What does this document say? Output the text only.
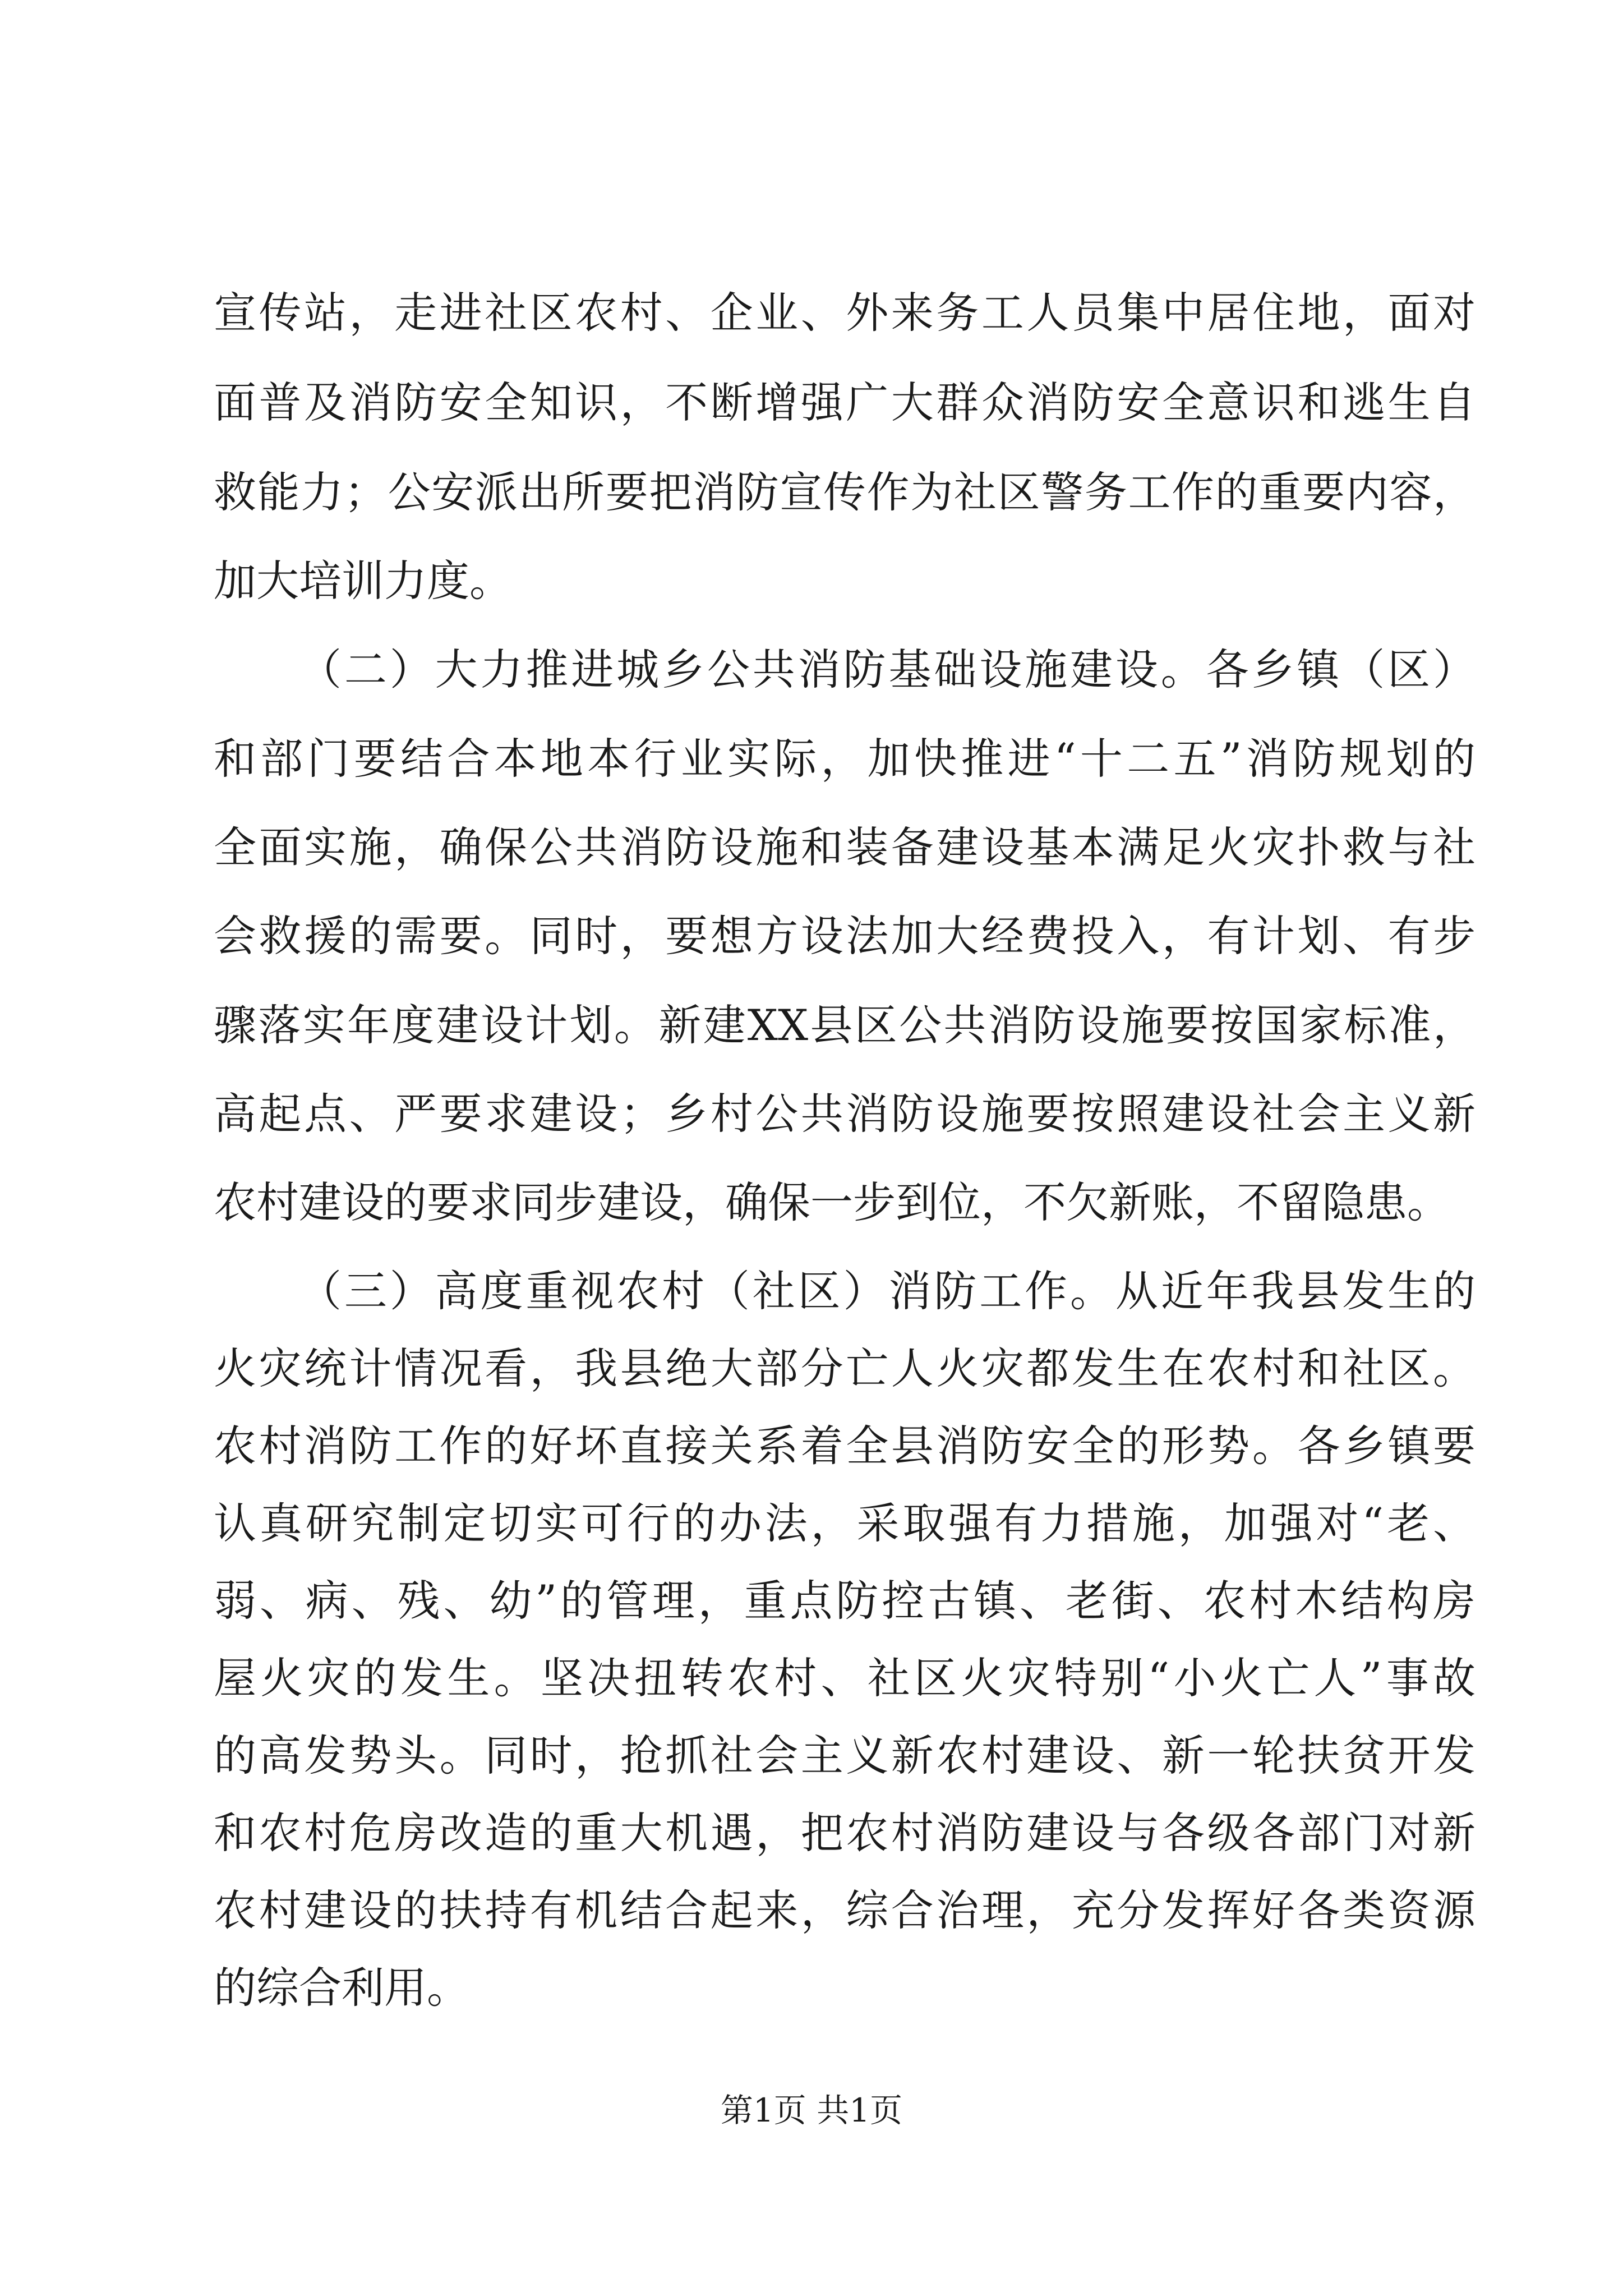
宣传站，走进社区农村、企业、外来务工人员集中居住地，面对
面普及消防安全知识，不断增强广大群众消防安全意识和逃生自
救能力；公安派出所要把消防宣传作为社区警务工作的重要内容，
加大培训力度。
（二）大力推进城乡公共消防基础设施建设。各乡镇（区）
和部门要结合本地本行业实际，加快推进“十二五”消防规划的
全面实施，确保公共消防设施和装备建设基本满足火灾扑救与社
会救援的需要。同时，要想方设法加大经费投入，有计划、有步
骤落实年度建设计划。新建XX县区公共消防设施要按国家标准，
高起点、严要求建设；乡村公共消防设施要按照建设社会主义新
农村建设的要求同步建设，确保一步到位，不欠新账，不留隐患。
（三）高度重视农村（社区）消防工作。从近年我县发生的
火灾统计情况看，我县绝大部分亡人火灾都发生在农村和社区。
农村消防工作的好坏直接关系着全县消防安全的形势。各乡镇要
认真研究制定切实可行的办法，采取强有力措施，加强对“老、
弱、病、残、幼”的管理，重点防控古镇、老街、农村木结构房
屋火灾的发生。坚决扭转农村、社区火灾特别“小火亡人”事故
的高发势头。同时，抢抓社会主义新农村建设、新一轮扶贫开发
和农村危房改造的重大机遇，把农村消防建设与各级各部门对新
农村建设的扶持有机结合起来，综合治理，充分发挥好各类资源
的综合利用。
第1页 共1页
